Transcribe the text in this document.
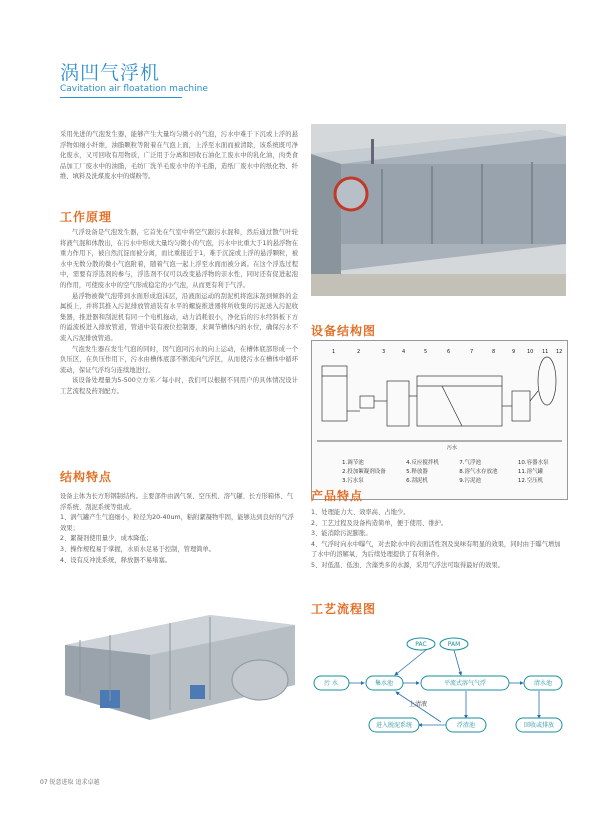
涡凹气浮机
Cavitation air floatation machine

采用先进的气泡发生器，能够产生大量均匀微小的气泡，污水中难于下沉或上浮的悬浮物如细小纤维，油脂颗粒等附着在气泡上面，上浮至水面而被清除，该系统既可净化废水，又可回收有用物质，广泛用于分离和回收石油化工废水中的乳化油，肉类食品加工厂废水中的油脂，毛纺厂洗羊毛废水中的羊毛脂，造纸厂废水中的纸化物、纤维、填料及洗煤废水中的煤粉等。

工作原理

气浮设备是气泡发生器，它首先在气室中将空气跟污水混和，然后通过散气叶轮将液气混和体散出，在污水中形成大量均匀微小的气泡，污水中比重大于1的悬浮物在重力作用下，被自然沉淀而被分离，而比重接近于1，难于沉淀或上浮的悬浮颗粒，被水中无数分散的微小气泡附着，随着气泡一起上浮至水面而被分离。在这个浮选过程中，需要有浮选剂的参与，浮选剂不仅可以改变悬浮物的亲水性，同时还有促进起泡的作用，可使废水中的空气形成稳定的小气泡，从而更有利于气浮。

悬浮物被微气泡带到水面形成泡沫层，沿液面运动的刮泥机将泡沫刮到倾斜的金属板上，并将其推入污泥排放管道装有水平的螺旋推进器将所收集的污泥送入污泥收集器，推进器和刮泥机有同一个电机拖动，动力消耗很小，净化后的污水经斜板下方的溢流板进入排放管道，管道中装有液位控制器，来调节槽体内的水位，确保污水不流入污泥排放管道。

气泡发生器在发生气泡的同时，因气泡同污水的向上运动，在槽体底部形成一个负压区，在负压作用下，污水由槽体底部不断流向气浮区，从而使污水在槽体中循环流动，保证气浮均匀连续地进行。

该设备处理量为5-500立方米／每小时，我们可以根据不同用户的具体情况设计工艺流程及药剂配方。

结构特点

设备主体为长方形钢制结构。主要部件由涡气泵、空压机、溶气罐、长方形箱体、气浮系统、刮泥系统等组成。

1、涡气罐产生气泡细小，粒径为20-40um，粘附絮凝物牢固，能够达到良好的气浮效果；

2、絮凝剂使用量少，成本降低；

3、操作规程易于掌握，水质水足易于控制，管理简单。

4、设有反冲洗系统，释放器不易堵塞。

设备结构图
1	2	3	4	5	6	7	8	9 10 11 12
污水
1.调节池	4.反应搅拌机	7.气浮池	10.容器水泵
2.投加絮凝剂设备	5.释放器	8.溶气水存放池	11.溶气罐
3.污水泵	6.刮泥机	9.污泥池	12.空压机
产品特点

1、处理能力大、效率高、占地少。

2、工艺过程及设备构造简单，便于使用、维护。

3、能消除污泥膨胀。

4、气浮时向水中曝气，对去除水中的表面活性剂及臭味有明显的效果，同时由于曝气增加了水中的溶解氧，为后续处理提供了有利条件。

5、对低温、低浊、含藻类多的水源，采用气浮法可取得最好的效果。

工艺流程图
上清液
PAC	PAM
污 水	集水池	平流式溶气气浮	清水池
浮渣池
进入脱泥系统	回收或排放
07 锐意进取 追求卓越
